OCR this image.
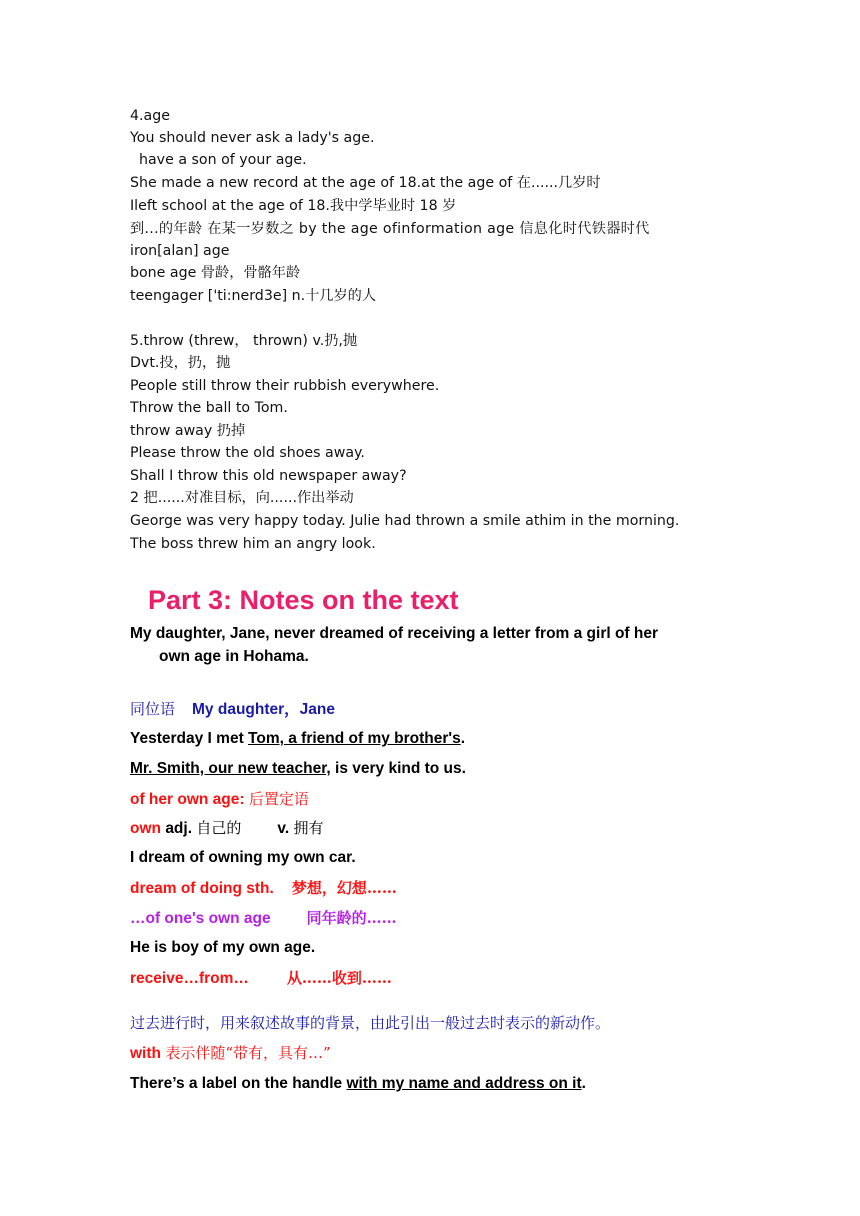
4.age
You should never ask a lady's age.
have a son of your age.
She made a new record at the age of 18.at the age of 在......几岁时
Ileft school at the age of 18.我中学毕业时 18 岁
到...的年龄 在某一岁数之 by the age ofinformation age 信息化时代铁器时代
iron[alan] age
bone age 骨龄，骨骼年龄
teengager ['ti:nerd3e] n.十几岁的人
5.throw (threw， thrown) v.扔,抛
Dvt.投，扔，抛
People still throw their rubbish everywhere.
Throw the ball to Tom.
throw away 扔掉
Please throw the old shoes away.
Shall I throw this old newspaper away?
2 把......对准目标，向......作出举动
George was very happy today. Julie had thrown a smile athim in the morning.
The boss threw him an angry look.
Part 3: Notes on the text
My daughter, Jane, never dreamed of receiving a letter from a girl of her
own age in Hohama.
同位语 My daughter，Jane
Yesterday I met Tom, a friend of my brother's.
Mr. Smith, our new teacher, is very kind to us.
of her own age: 后置定语
own adj. 自己的 v. 拥有
I dream of owning my own car.
dream of doing sth. 梦想，幻想……
…of one's own age 同年龄的……
He is boy of my own age.
receive…from…	从……收到……
过去进行时，用来叙述故事的背景，由此引出一般过去时表示的新动作。
with 表示伴随“带有，具有…”
There’s a label on the handle with my name and address on it.
